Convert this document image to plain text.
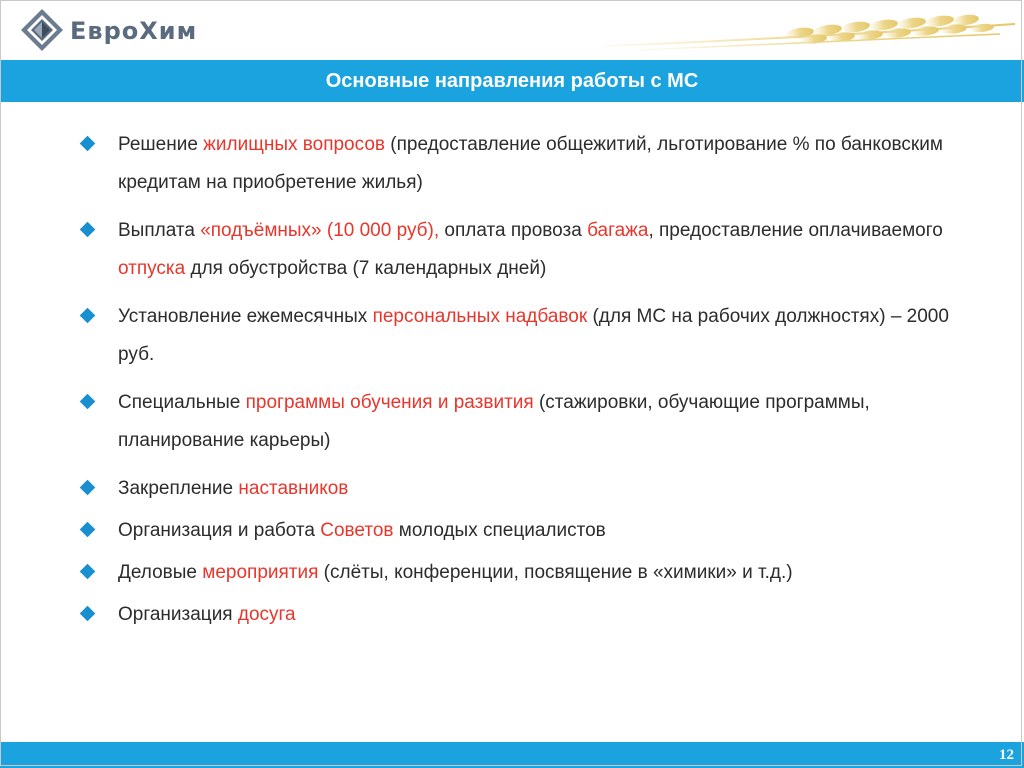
ЕвроХим
Основные направления работы с МС
Решение жилищных вопросов (предоставление общежитий, льготирование % по банковским кредитам на приобретение жилья)
Выплата «подъёмных» (10 000 руб), оплата провоза багажа, предоставление оплачиваемого отпуска для обустройства (7 календарных дней)
Установление ежемесячных персональных надбавок (для МС на рабочих должностях) – 2000 руб.
Специальные программы обучения и развития (стажировки, обучающие программы, планирование карьеры)
Закрепление наставников
Организация и работа Советов молодых специалистов
Деловые мероприятия (слёты, конференции, посвящение в «химики» и т.д.)
Организация досуга
12
